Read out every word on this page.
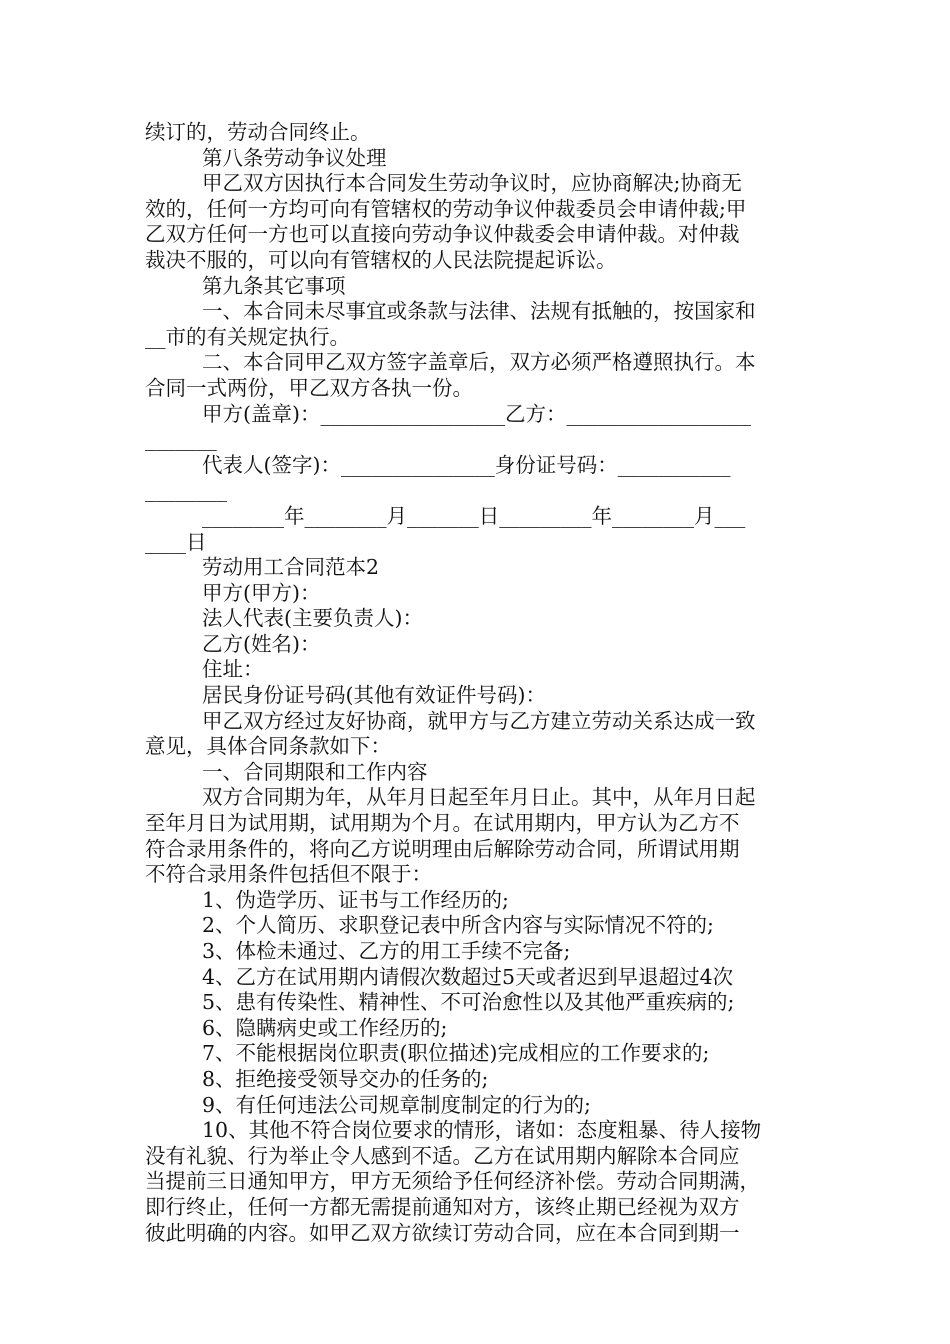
续订的，劳动合同终止。
第八条劳动争议处理
甲乙双方因执行本合同发生劳动争议时，应协商解决;协商无
效的，任何一方均可向有管辖权的劳动争议仲裁委员会申请仲裁;甲
乙双方任何一方也可以直接向劳动争议仲裁委会申请仲裁。对仲裁
裁决不服的，可以向有管辖权的人民法院提起诉讼。
第九条其它事项
一、本合同未尽事宜或条款与法律、法规有抵触的，按国家和
__市的有关规定执行。
二、本合同甲乙双方签字盖章后，双方必须严格遵照执行。本
合同一式两份，甲乙双方各执一份。
甲方(盖章)：__________________乙方：__________________
_______
代表人(签字)：_______________身份证号码：___________
________
________年________月_______日_________年________月___
____日
劳动用工合同范本2
甲方(甲方)：
法人代表(主要负责人)：
乙方(姓名)：
住址：
居民身份证号码(其他有效证件号码)：
甲乙双方经过友好协商，就甲方与乙方建立劳动关系达成一致
意见，具体合同条款如下：
一、合同期限和工作内容
双方合同期为年，从年月日起至年月日止。其中，从年月日起
至年月日为试用期，试用期为个月。在试用期内，甲方认为乙方不
符合录用条件的，将向乙方说明理由后解除劳动合同，所谓试用期
不符合录用条件包括但不限于：
1、伪造学历、证书与工作经历的;
2、个人简历、求职登记表中所含内容与实际情况不符的;
3、体检未通过、乙方的用工手续不完备;
4、乙方在试用期内请假次数超过5天或者迟到早退超过4次
5、患有传染性、精神性、不可治愈性以及其他严重疾病的;
6、隐瞒病史或工作经历的;
7、不能根据岗位职责(职位描述)完成相应的工作要求的;
8、拒绝接受领导交办的任务的;
9、有任何违法公司规章制度制定的行为的;
10、其他不符合岗位要求的情形，诸如：态度粗暴、待人接物
没有礼貌、行为举止令人感到不适。乙方在试用期内解除本合同应
当提前三日通知甲方，甲方无须给予任何经济补偿。劳动合同期满，
即行终止，任何一方都无需提前通知对方，该终止期已经视为双方
彼此明确的内容。如甲乙双方欲续订劳动合同，应在本合同到期一
